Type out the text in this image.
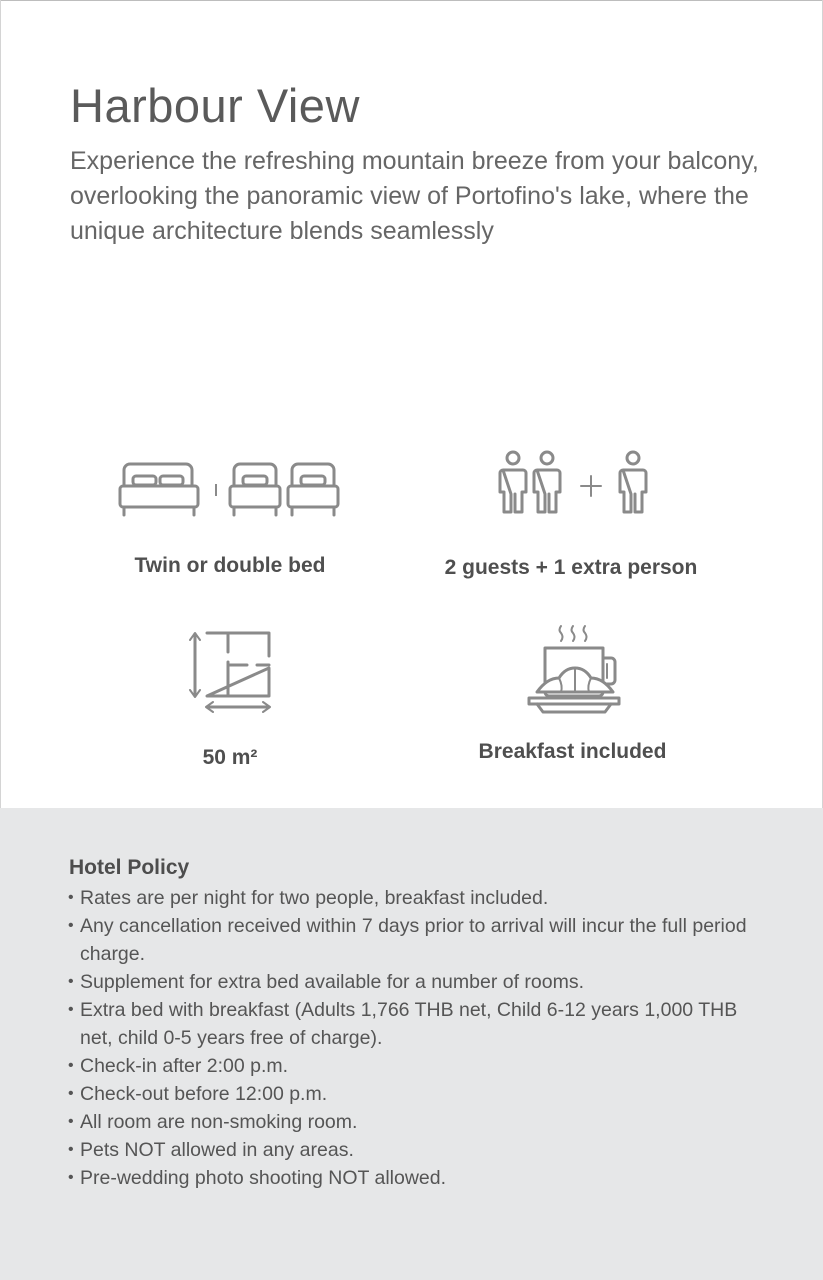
Harbour View

Experience the refreshing mountain breeze from your balcony, overlooking the panoramic view of Portofino's lake, where the unique architecture blends seamlessly

Twin or double bed	2 guests + 1 extra person
50 m²	Breakfast included
Hotel Policy
• Rates are per night for two people, breakfast included.
• Any cancellation received within 7 days prior to arrival will incur the full period charge.
• Supplement for extra bed available for a number of rooms.
• Extra bed with breakfast (Adults 1,766 THB net, Child 6-12 years 1,000 THB net, child 0-5 years free of charge).
• Check-in after 2:00 p.m.
• Check-out before 12:00 p.m.
• All room are non-smoking room.
• Pets NOT allowed in any areas.
• Pre-wedding photo shooting NOT allowed.
